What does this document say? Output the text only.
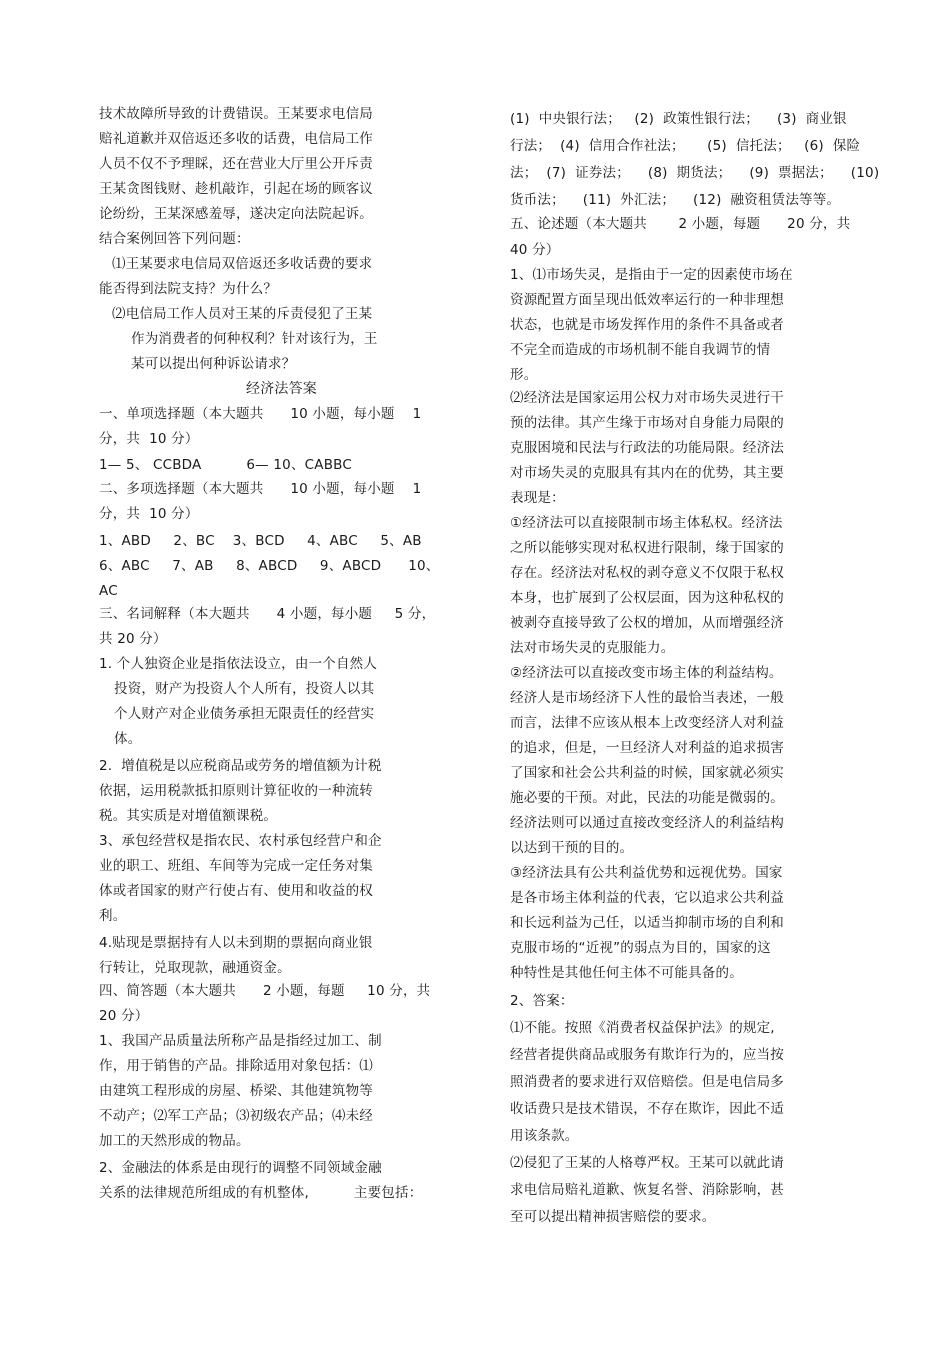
技术故障所导致的计费错误。王某要求电信局
赔礼道歉并双倍返还多收的话费，电信局工作
人员不仅不予理睬，还在营业大厅里公开斥责
王某贪图钱财、趁机敲诈，引起在场的顾客议
论纷纷，王某深感羞辱，遂决定向法院起诉。
结合案例回答下列问题：
⑴王某要求电信局双倍返还多收话费的要求
能否得到法院支持？为什么？
⑵电信局工作人员对王某的斥责侵犯了王某
作为消费者的何种权利？针对该行为，王
某可以提出何种诉讼请求？
经济法答案
一、单项选择题（本大题共      10 小题，每小题    1
分，共  10 分）
1— 5、 CCBDA          6— 10、CABBC
二、多项选择题（本大题共      10 小题，每小题    1
分，共  10 分）
1、ABD     2、BC    3、BCD     4、ABC     5、AB
6、ABC     7、AB     8、ABCD     9、ABCD      10、
AC
三、名词解释（本大题共      4 小题，每小题     5 分，
共 20 分）
1. 个人独资企业是指依法设立，由一个自然人
投资，财产为投资人个人所有，投资人以其
个人财产对企业债务承担无限责任的经营实
体。
2.  增值税是以应税商品或劳务的增值额为计税
依据，运用税款抵扣原则计算征收的一种流转
税。其实质是对增值额课税。
3、承包经营权是指农民、农村承包经营户和企
业的职工、班组、车间等为完成一定任务对集
体或者国家的财产行使占有、使用和收益的权
利。
4.贴现是票据持有人以未到期的票据向商业银
行转让，兑取现款，融通资金。
四、简答题（本大题共      2 小题，每题     10 分，共
20 分）
1、我国产品质量法所称产品是指经过加工、制
作，用于销售的产品。排除适用对象包括：⑴
由建筑工程形成的房屋、桥梁、其他建筑物等
不动产；⑵军工产品；⑶初级农产品；⑷未经
加工的天然形成的物品。
2、金融法的体系是由现行的调整不同领域金融
关系的法律规范所组成的有机整体,          主要包括：
(1)  中央银行法；   (2)  政策性银行法；    (3)  商业银
行法；  (4)  信用合作社法；     (5)  信托法；   (6)  保险
法；  (7)  证券法；    (8)  期货法；    (9)  票据法；    (10)
货币法；    (11)  外汇法；    (12)  融资租赁法等等。
五、论述题（本大题共       2 小题，每题      20 分，共
40 分）
1、⑴市场失灵，是指由于一定的因素使市场在
资源配置方面呈现出低效率运行的一种非理想
状态，也就是市场发挥作用的条件不具备或者
不完全而造成的市场机制不能自我调节的情
形。
⑵经济法是国家运用公权力对市场失灵进行干
预的法律。其产生缘于市场对自身能力局限的
克服困境和民法与行政法的功能局限。经济法
对市场失灵的克服具有其内在的优势，其主要
表现是：
①经济法可以直接限制市场主体私权。经济法
之所以能够实现对私权进行限制，缘于国家的
存在。经济法对私权的剥夺意义不仅限于私权
本身，也扩展到了公权层面，因为这种私权的
被剥夺直接导致了公权的增加，从而增强经济
法对市场失灵的克服能力。
②经济法可以直接改变市场主体的利益结构。
经济人是市场经济下人性的最恰当表述，一般
而言，法律不应该从根本上改变经济人对利益
的追求，但是，一旦经济人对利益的追求损害
了国家和社会公共利益的时候，国家就必须实
施必要的干预。对此，民法的功能是微弱的。
经济法则可以通过直接改变经济人的利益结构
以达到干预的目的。
③经济法具有公共利益优势和远视优势。国家
是各市场主体利益的代表，它以追求公共利益
和长远利益为己任，以适当抑制市场的自利和
克服市场的“近视”的弱点为目的，国家的这
种特性是其他任何主体不可能具备的。
2、答案：
⑴不能。按照《消费者权益保护法》的规定,
经营者提供商品或服务有欺诈行为的，应当按
照消费者的要求进行双倍赔偿。但是电信局多
收话费只是技术错误，不存在欺诈，因此不适
用该条款。
⑵侵犯了王某的人格尊严权。王某可以就此请
求电信局赔礼道歉、恢复名誉、消除影响，甚
至可以提出精神损害赔偿的要求。
